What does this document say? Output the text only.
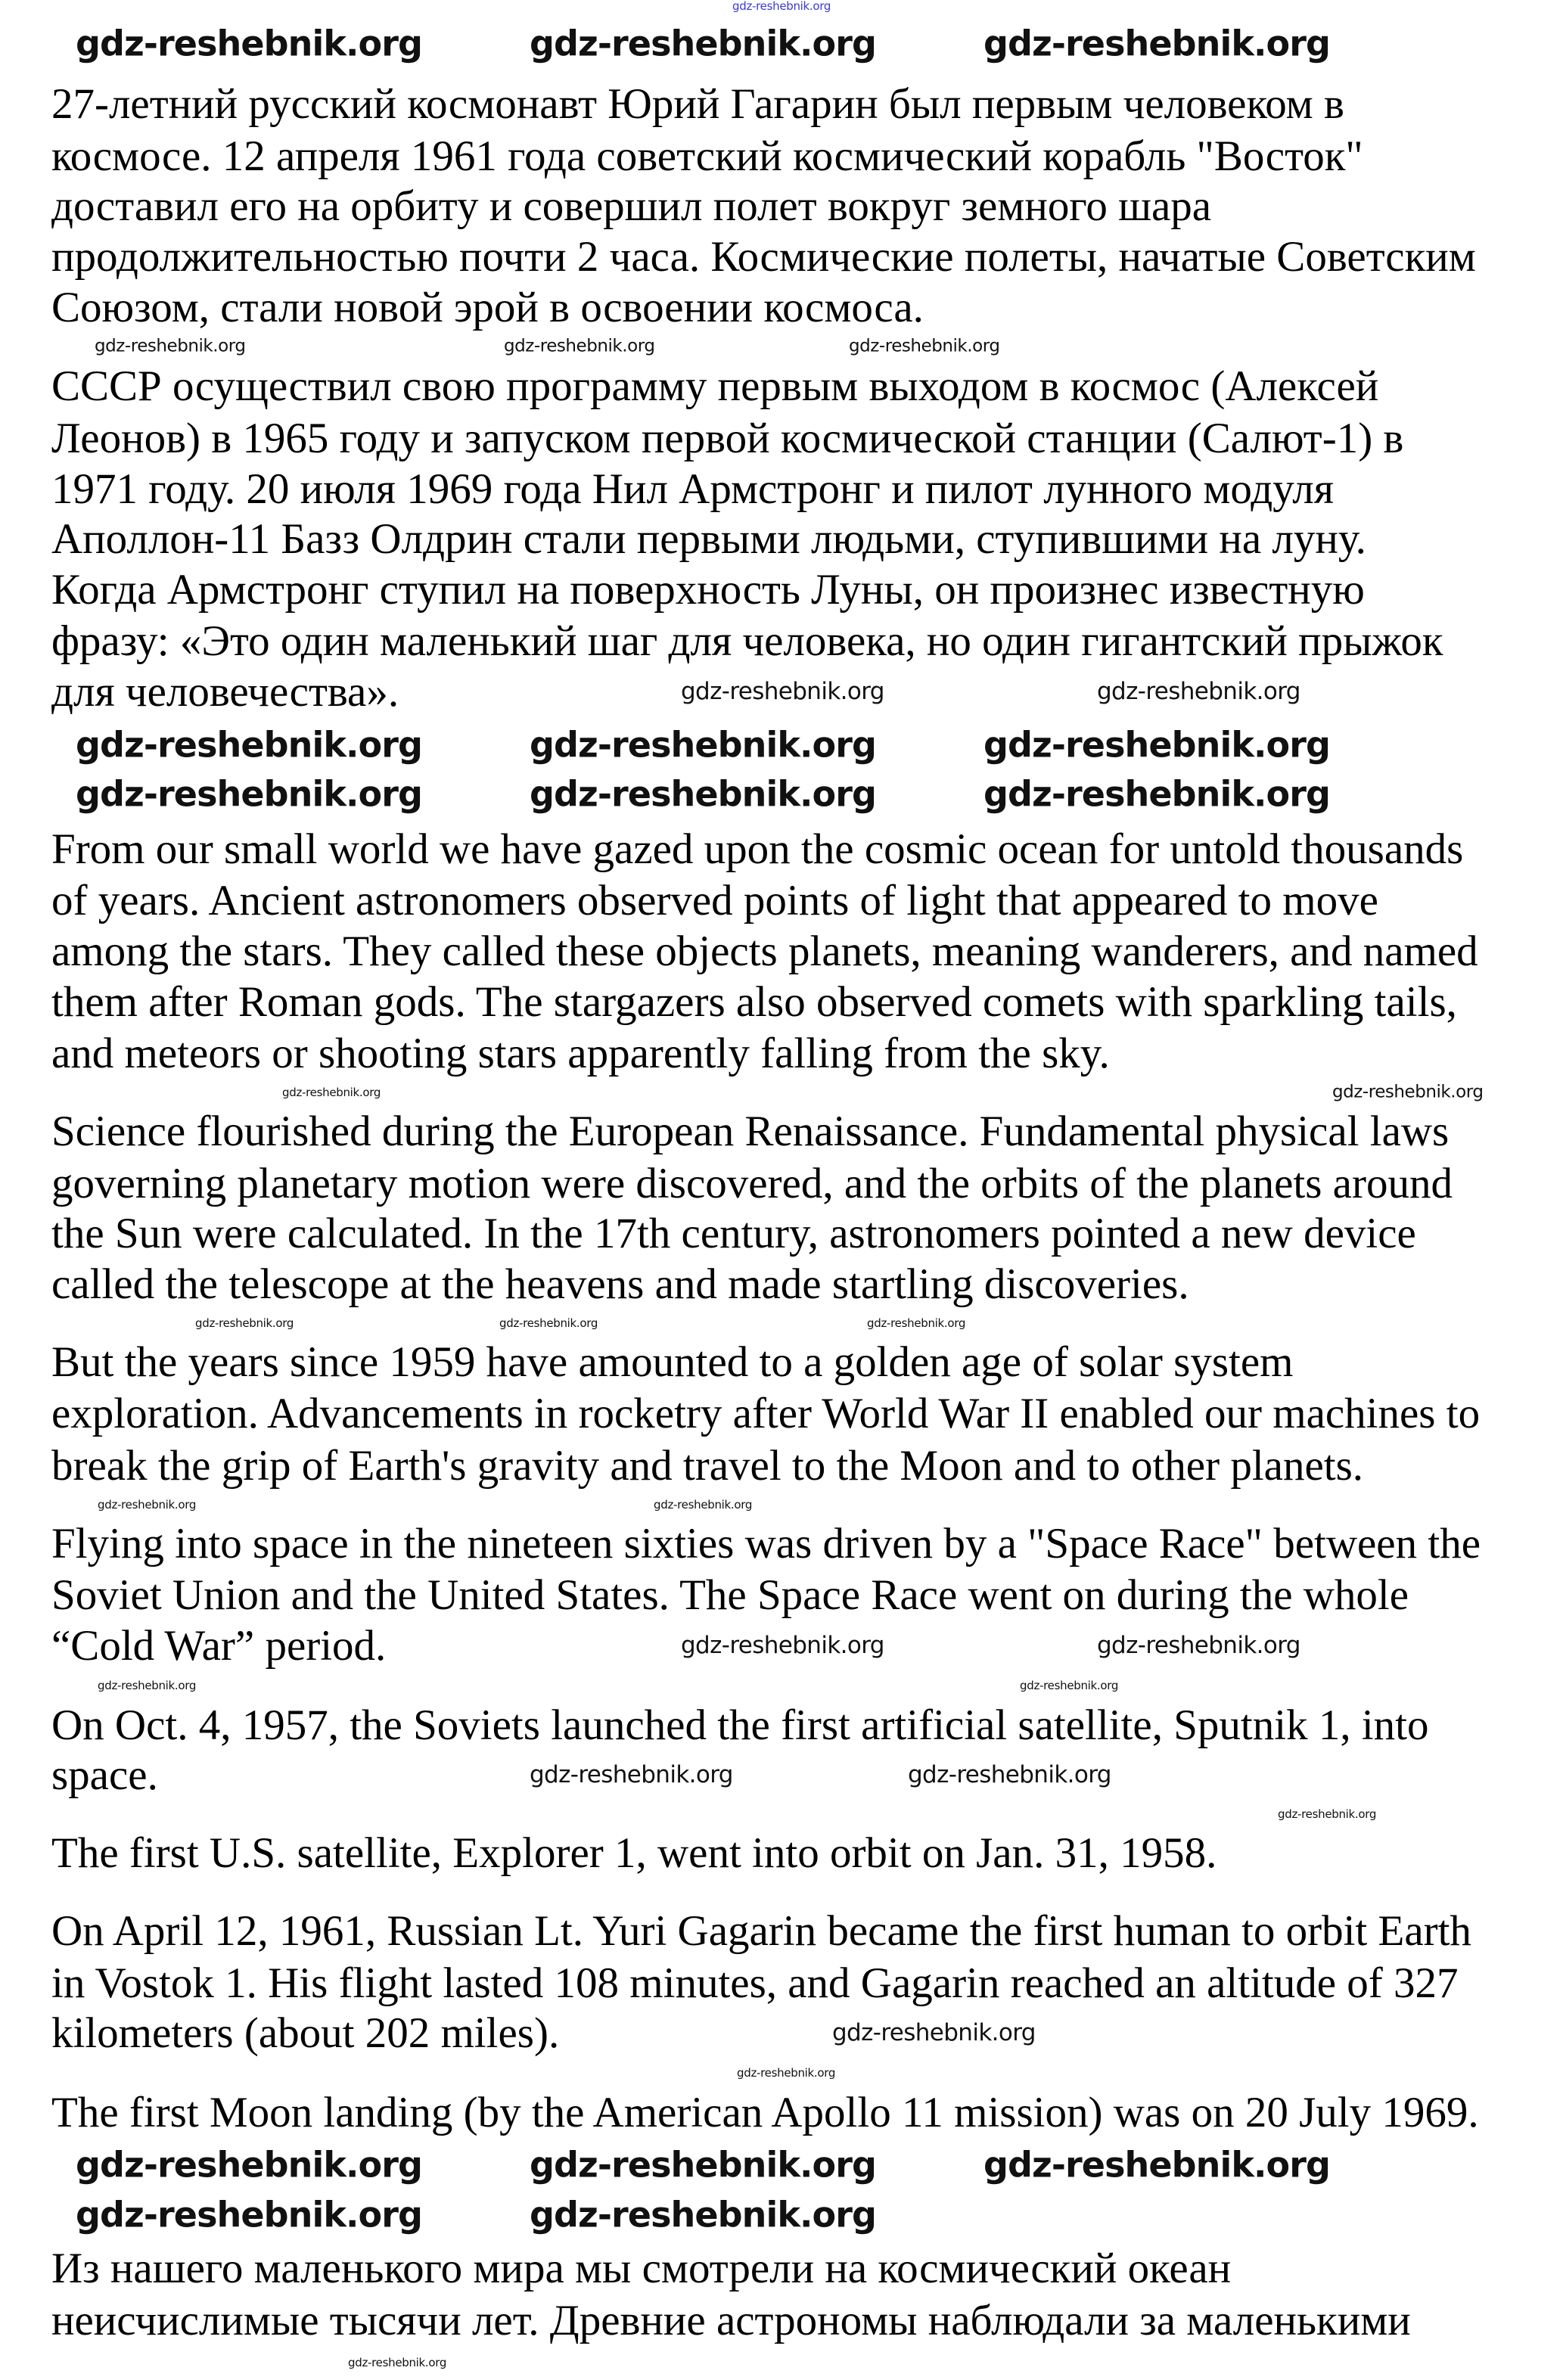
27-летний русский космонавт Юрий Гагарин был первым человеком в
космосе. 12 апреля 1961 года советский космический корабль "Восток"
доставил его на орбиту и совершил полет вокруг земного шара
продолжительностью почти 2 часа. Космические полеты, начатые Советским
Союзом, стали новой эрой в освоении космоса.
СССР осуществил свою программу первым выходом в космос (Алексей
Леонов) в 1965 году и запуском первой космической станции (Салют-1) в
1971 году. 20 июля 1969 года Нил Армстронг и пилот лунного модуля
Аполлон-11 Базз Олдрин стали первыми людьми, ступившими на луну.
Когда Армстронг ступил на поверхность Луны, он произнес известную
фразу: «Это один маленький шаг для человека, но один гигантский прыжок
для человечества».
From our small world we have gazed upon the cosmic ocean for untold thousands
of years. Ancient astronomers observed points of light that appeared to move
among the stars. They called these objects planets, meaning wanderers, and named
them after Roman gods. The stargazers also observed comets with sparkling tails,
and meteors or shooting stars apparently falling from the sky.
Science flourished during the European Renaissance. Fundamental physical laws
governing planetary motion were discovered, and the orbits of the planets around
the Sun were calculated. In the 17th century, astronomers pointed a new device
called the telescope at the heavens and made startling discoveries.
But the years since 1959 have amounted to a golden age of solar system
exploration. Advancements in rocketry after World War II enabled our machines to
break the grip of Earth's gravity and travel to the Moon and to other planets.
Flying into space in the nineteen sixties was driven by a "Space Race" between the
Soviet Union and the United States. The Space Race went on during the whole
“Cold War” period.
On Oct. 4, 1957, the Soviets launched the first artificial satellite, Sputnik 1, into
space.
The first U.S. satellite, Explorer 1, went into orbit on Jan. 31, 1958.
On April 12, 1961, Russian Lt. Yuri Gagarin became the first human to orbit Earth
in Vostok 1. His flight lasted 108 minutes, and Gagarin reached an altitude of 327
kilometers (about 202 miles).
The first Moon landing (by the American Apollo 11 mission) was on 20 July 1969.
Из нашего маленького мира мы смотрели на космический океан
неисчислимые тысячи лет. Древние астрономы наблюдали за маленькими
gdz-reshebnik.org
gdz-reshebnik.org	gdz-reshebnik.org	gdz-reshebnik.org
gdz-reshebnik.org	gdz-reshebnik.org	gdz-reshebnik.org
gdz-reshebnik.org	gdz-reshebnik.org	gdz-reshebnik.org
gdz-reshebnik.org	gdz-reshebnik.org	gdz-reshebnik.org
gdz-reshebnik.org	gdz-reshebnik.org
gdz-reshebnik.org	gdz-reshebnik.org
gdz-reshebnik.org	gdz-reshebnik.org
gdz-reshebnik.org	gdz-reshebnik.org
gdz-reshebnik.org
gdz-reshebnik.org	gdz-reshebnik.org	gdz-reshebnik.org
gdz-reshebnik.org
gdz-reshebnik.org
gdz-reshebnik.org	gdz-reshebnik.org	gdz-reshebnik.org
gdz-reshebnik.org	gdz-reshebnik.org
gdz-reshebnik.org	gdz-reshebnik.org
gdz-reshebnik.org
gdz-reshebnik.org
gdz-reshebnik.org
